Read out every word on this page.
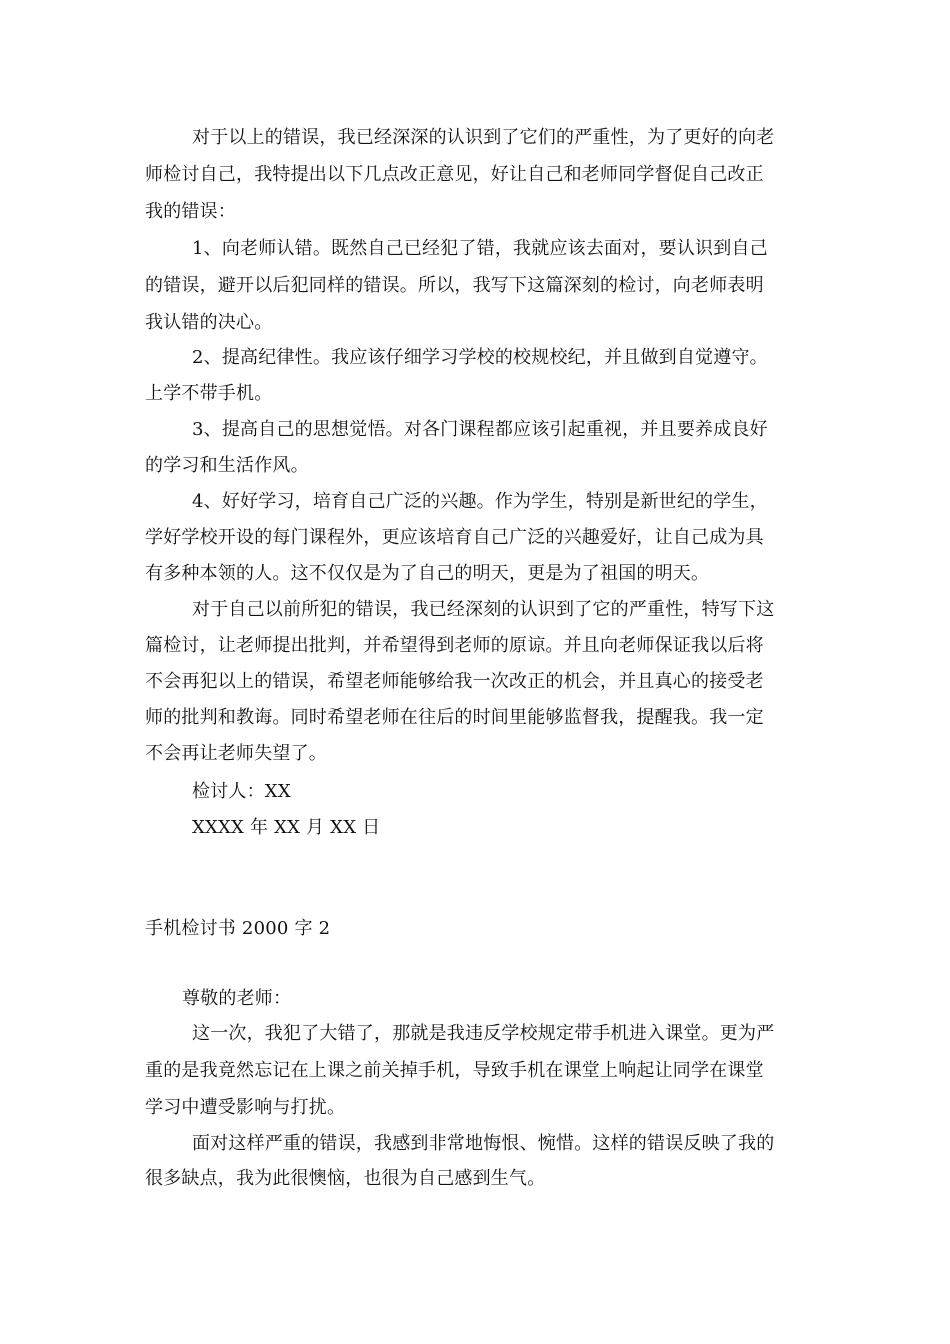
对于以上的错误，我已经深深的认识到了它们的严重性，为了更好的向老
师检讨自己，我特提出以下几点改正意见，好让自己和老师同学督促自己改正
我的错误：
1、向老师认错。既然自己已经犯了错，我就应该去面对，要认识到自己
的错误，避开以后犯同样的错误。所以，我写下这篇深刻的检讨，向老师表明
我认错的决心。
2、提高纪律性。我应该仔细学习学校的校规校纪，并且做到自觉遵守。
上学不带手机。
3、提高自己的思想觉悟。对各门课程都应该引起重视，并且要养成良好
的学习和生活作风。
4、好好学习，培育自己广泛的兴趣。作为学生，特别是新世纪的学生，
学好学校开设的每门课程外，更应该培育自己广泛的兴趣爱好，让自己成为具
有多种本领的人。这不仅仅是为了自己的明天，更是为了祖国的明天。
对于自己以前所犯的错误，我已经深刻的认识到了它的严重性，特写下这
篇检讨，让老师提出批判，并希望得到老师的原谅。并且向老师保证我以后将
不会再犯以上的错误，希望老师能够给我一次改正的机会，并且真心的接受老
师的批判和教诲。同时希望老师在往后的时间里能够监督我，提醒我。我一定
不会再让老师失望了。
检讨人：XX
XXXX 年 XX 月 XX 日
手机检讨书 2000 字 2
尊敬的老师：
这一次，我犯了大错了，那就是我违反学校规定带手机进入课堂。更为严
重的是我竟然忘记在上课之前关掉手机，导致手机在课堂上响起让同学在课堂
学习中遭受影响与打扰。
面对这样严重的错误，我感到非常地悔恨、惋惜。这样的错误反映了我的
很多缺点，我为此很懊恼，也很为自己感到生气。
